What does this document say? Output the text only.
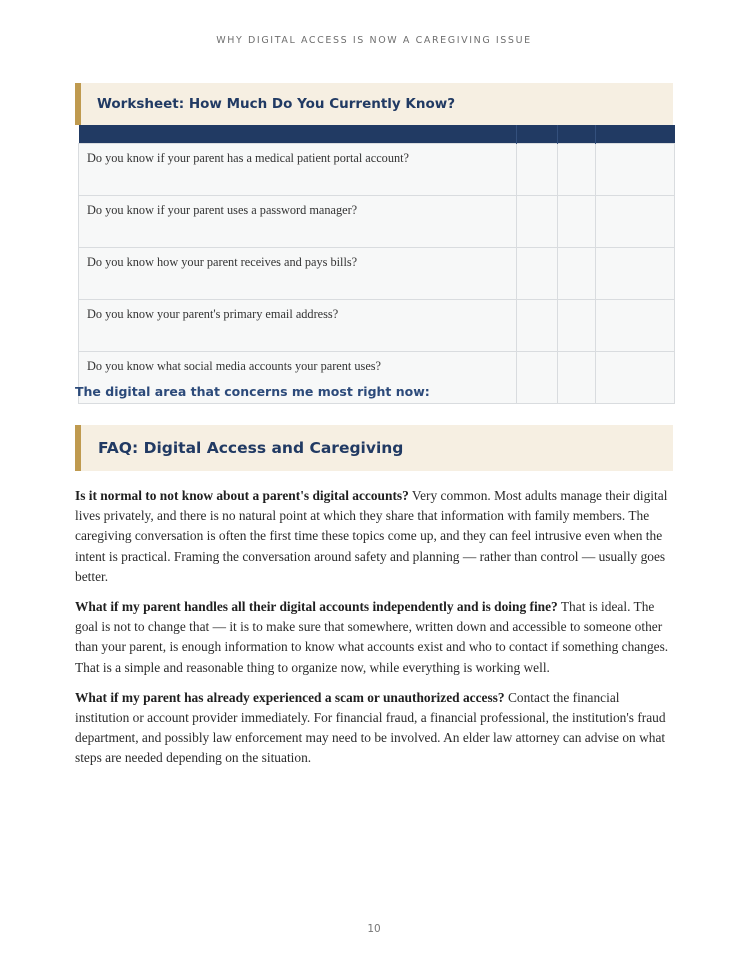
WHY DIGITAL ACCESS IS NOW A CAREGIVING ISSUE
Worksheet: How Much Do You Currently Know?

Do you know if your parent has a medical patient portal account?			
Do you know if your parent uses a password manager?			
Do you know how your parent receives and pays bills?			
Do you know your parent's primary email address?			
Do you know what social media accounts your parent uses?			
The digital area that concerns me most right now:
FAQ: Digital Access and Caregiving

Is it normal to not know about a parent's digital accounts? Very common. Most adults manage their digital lives privately, and there is no natural point at which they share that information with family members. The caregiving conversation is often the first time these topics come up, and they can feel intrusive even when the intent is practical. Framing the conversation around safety and planning — rather than control — usually goes better.

What if my parent handles all their digital accounts independently and is doing fine? That is ideal. The goal is not to change that — it is to make sure that somewhere, written down and accessible to someone other than your parent, is enough information to know what accounts exist and who to contact if something changes. That is a simple and reasonable thing to organize now, while everything is working well.

What if my parent has already experienced a scam or unauthorized access? Contact the financial institution or account provider immediately. For financial fraud, a financial professional, the institution's fraud department, and possibly law enforcement may need to be involved. An elder law attorney can advise on what steps are needed depending on the situation.

10
